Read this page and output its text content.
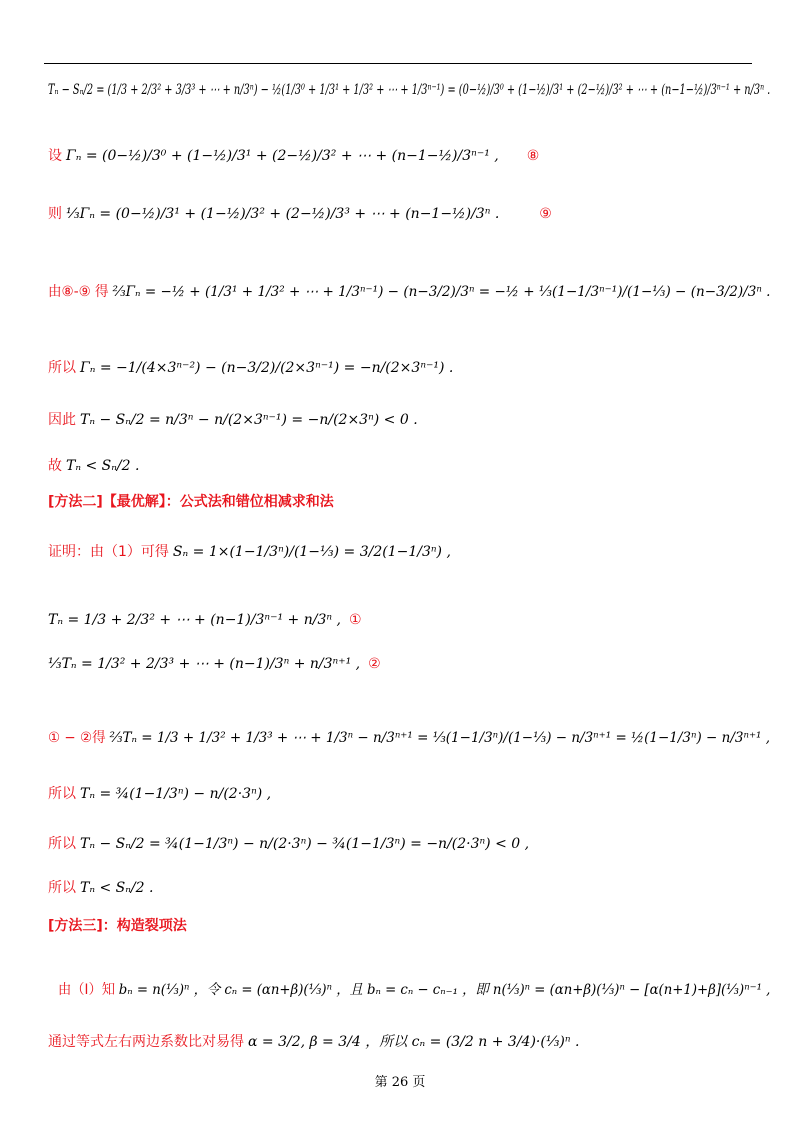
Tₙ − Sₙ/2 = (1/3 + 2/3² + 3/3³ + ⋯ + n/3ⁿ) − ½(1/3⁰ + 1/3¹ + 1/3² + ⋯ + 1/3ⁿ⁻¹) = (0−½)/3⁰ + (1−½)/3¹ + (2−½)/3² + ⋯ + (n−1−½)/3ⁿ⁻¹ + n/3ⁿ .
设 Γₙ = (0−½)/3⁰ + (1−½)/3¹ + (2−½)/3² + ⋯ + (n−1−½)/3ⁿ⁻¹ , ⑧
则 ⅓Γₙ = (0−½)/3¹ + (1−½)/3² + (2−½)/3³ + ⋯ + (n−1−½)/3ⁿ .	⑨
由⑧-⑨ 得 ⅔Γₙ = −½ + (1/3¹ + 1/3² + ⋯ + 1/3ⁿ⁻¹) − (n−3/2)/3ⁿ = −½ + ⅓(1−1/3ⁿ⁻¹)/(1−⅓) − (n−3/2)/3ⁿ .
所以 Γₙ = −1/(4×3ⁿ⁻²) − (n−3/2)/(2×3ⁿ⁻¹) = −n/(2×3ⁿ⁻¹) .
因此 Tₙ − Sₙ/2 = n/3ⁿ − n/(2×3ⁿ⁻¹) = −n/(2×3ⁿ) < 0 .
故 Tₙ < Sₙ/2 .
[方法二]【最优解】：公式法和错位相减求和法
证明：由（1）可得 Sₙ = 1×(1−1/3ⁿ)/(1−⅓) = 3/2(1−1/3ⁿ) ,
Tₙ = 1/3 + 2/3² + ⋯ + (n−1)/3ⁿ⁻¹ + n/3ⁿ , ①
⅓Tₙ = 1/3² + 2/3³ + ⋯ + (n−1)/3ⁿ + n/3ⁿ⁺¹ , ②
① − ②得 ⅔Tₙ = 1/3 + 1/3² + 1/3³ + ⋯ + 1/3ⁿ − n/3ⁿ⁺¹ = ⅓(1−1/3ⁿ)/(1−⅓) − n/3ⁿ⁺¹ = ½(1−1/3ⁿ) − n/3ⁿ⁺¹ ,
所以 Tₙ = ¾(1−1/3ⁿ) − n/(2·3ⁿ) ,
所以 Tₙ − Sₙ/2 = ¾(1−1/3ⁿ) − n/(2·3ⁿ) − ¾(1−1/3ⁿ) = −n/(2·3ⁿ) < 0 ,
所以 Tₙ < Sₙ/2 .
[方法三]：构造裂项法
由（Ⅰ）知 bₙ = n(⅓)ⁿ ，令 cₙ = (αn+β)(⅓)ⁿ ，且 bₙ = cₙ − cₙ₋₁ ，即 n(⅓)ⁿ = (αn+β)(⅓)ⁿ − [α(n+1)+β](⅓)ⁿ⁻¹ ,
通过等式左右两边系数比对易得 α = 3/2, β = 3/4 ，所以 cₙ = (3/2 n + 3/4)·(⅓)ⁿ .
第 26 页
